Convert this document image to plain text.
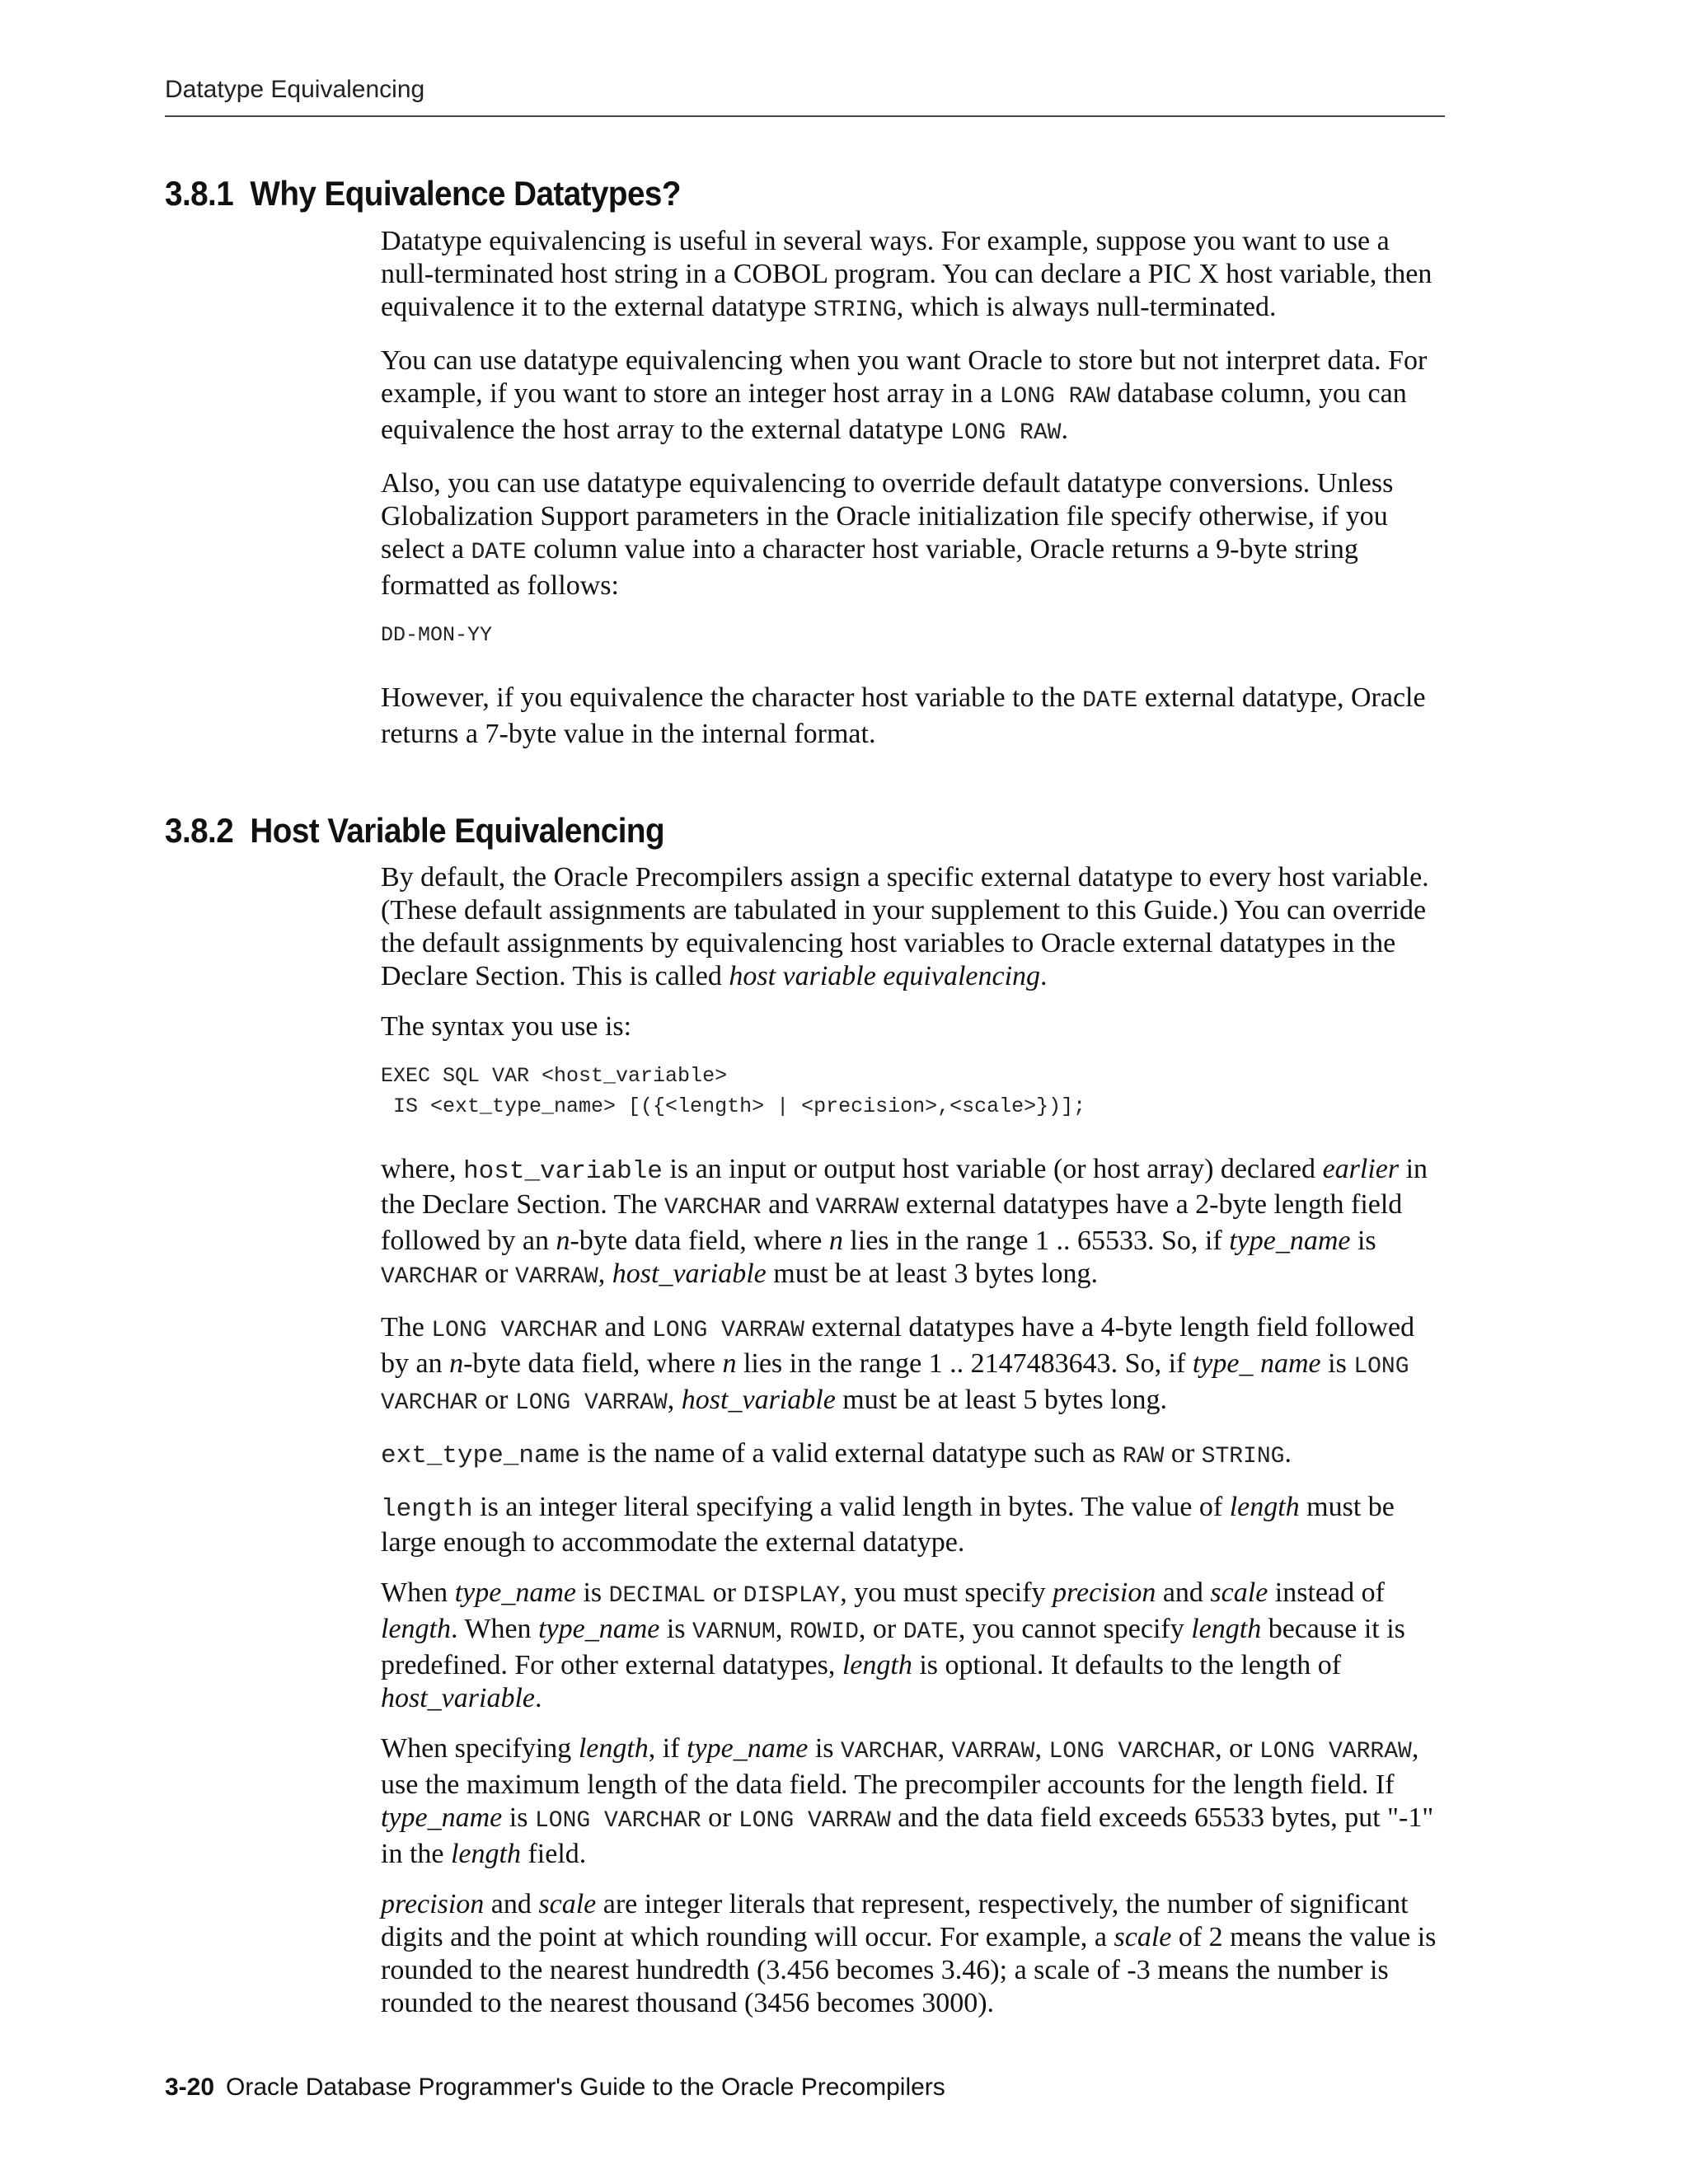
Datatype Equivalencing
3.8.1 Why Equivalence Datatypes?

Datatype equivalencing is useful in several ways. For example, suppose you want to use a null-terminated host string in a COBOL program. You can declare a PIC X host variable, then equivalence it to the external datatype STRING, which is always null-terminated.

You can use datatype equivalencing when you want Oracle to store but not interpret data. For example, if you want to store an integer host array in a LONG RAW database column, you can equivalence the host array to the external datatype LONG RAW.

Also, you can use datatype equivalencing to override default datatype conversions. Unless Globalization Support parameters in the Oracle initialization file specify otherwise, if you select a DATE column value into a character host variable, Oracle returns a 9-byte string formatted as follows:

DD-MON-YY

However, if you equivalence the character host variable to the DATE external datatype, Oracle returns a 7-byte value in the internal format.

3.8.2 Host Variable Equivalencing

By default, the Oracle Precompilers assign a specific external datatype to every host variable. (These default assignments are tabulated in your supplement to this Guide.) You can override the default assignments by equivalencing host variables to Oracle external datatypes in the Declare Section. This is called host variable equivalencing.

The syntax you use is:

EXEC SQL VAR <host_variable>
IS <ext_type_name> [({<length> | <precision>,<scale>})];

where, host_variable is an input or output host variable (or host array) declared earlier in the Declare Section. The VARCHAR and VARRAW external datatypes have a 2-byte length field followed by an n-byte data field, where n lies in the range 1 .. 65533. So, if type_name is VARCHAR or VARRAW, host_variable must be at least 3 bytes long.

The LONG VARCHAR and LONG VARRAW external datatypes have a 4-byte length field followed by an n-byte data field, where n lies in the range 1 .. 2147483643. So, if type_ name is LONG VARCHAR or LONG VARRAW, host_variable must be at least 5 bytes long.

ext_type_name is the name of a valid external datatype such as RAW or STRING.

length is an integer literal specifying a valid length in bytes. The value of length must be large enough to accommodate the external datatype.

When type_name is DECIMAL or DISPLAY, you must specify precision and scale instead of length. When type_name is VARNUM, ROWID, or DATE, you cannot specify length because it is predefined. For other external datatypes, length is optional. It defaults to the length of host_variable.

When specifying length, if type_name is VARCHAR, VARRAW, LONG VARCHAR, or LONG VARRAW, use the maximum length of the data field. The precompiler accounts for the length field. If type_name is LONG VARCHAR or LONG VARRAW and the data field exceeds 65533 bytes, put "-1" in the length field.

precision and scale are integer literals that represent, respectively, the number of significant digits and the point at which rounding will occur. For example, a scale of 2 means the value is rounded to the nearest hundredth (3.456 becomes 3.46); a scale of -3 means the number is rounded to the nearest thousand (3456 becomes 3000).

3-20 Oracle Database Programmer's Guide to the Oracle Precompilers
